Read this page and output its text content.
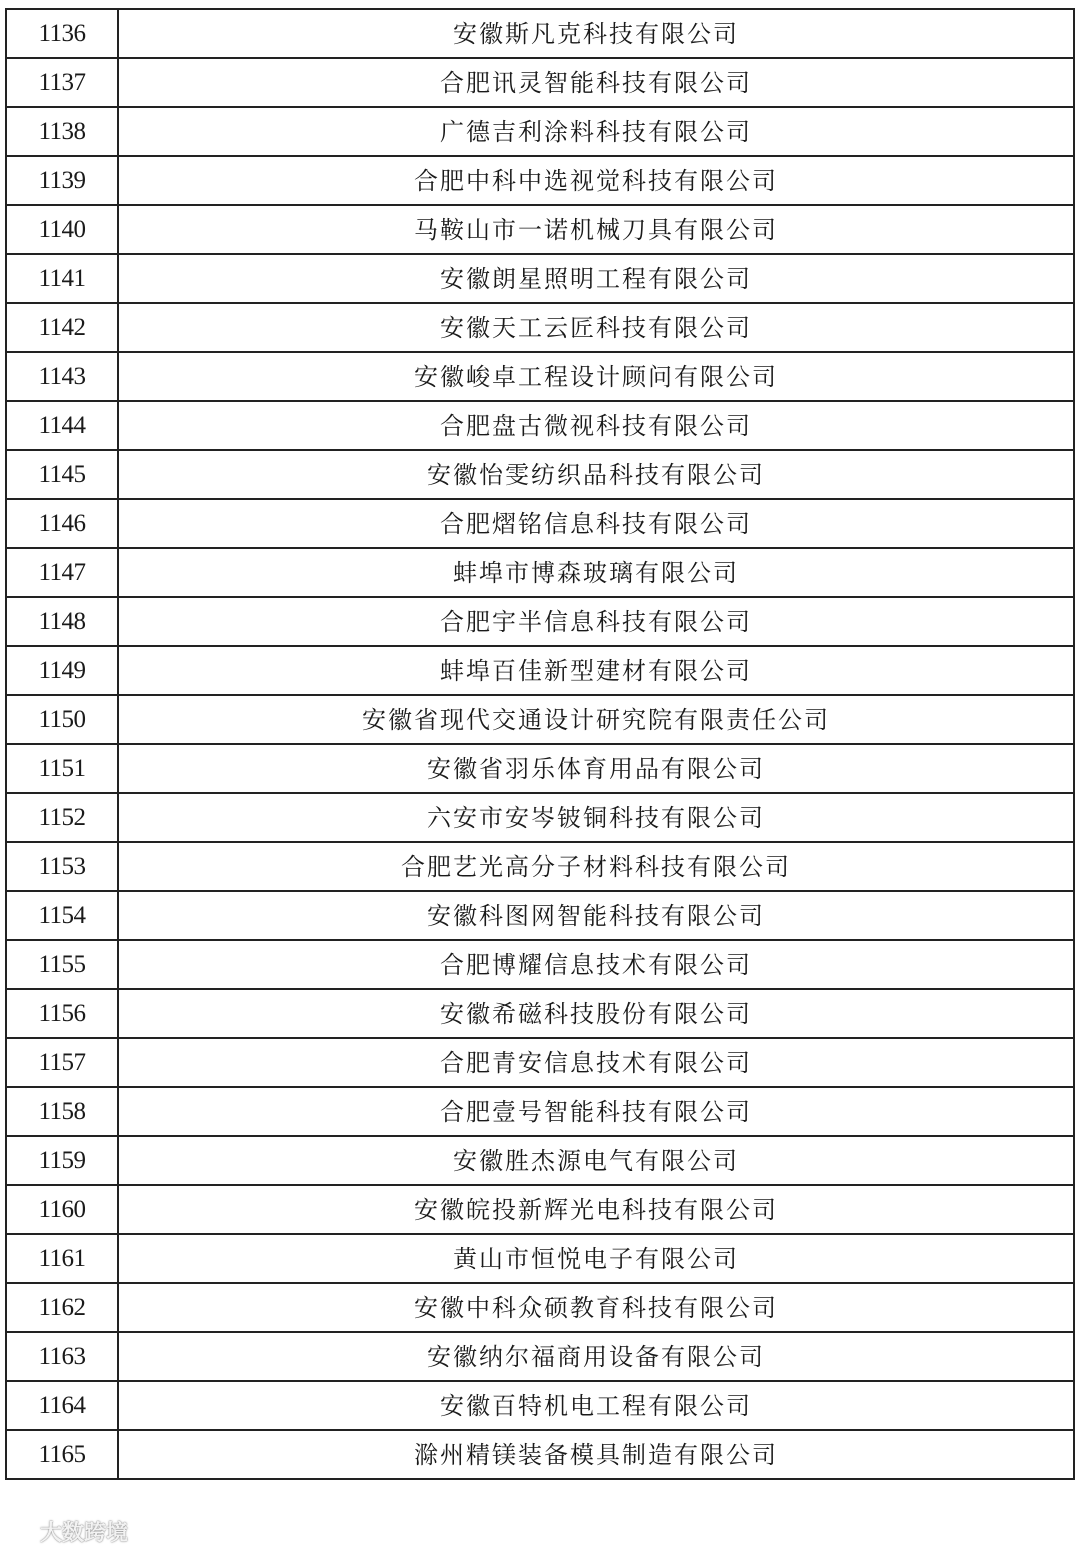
1136	安徽斯凡克科技有限公司
1137	合肥讯灵智能科技有限公司
1138	广德吉利涂料科技有限公司
1139	合肥中科中选视觉科技有限公司
1140	马鞍山市一诺机械刀具有限公司
1141	安徽朗星照明工程有限公司
1142	安徽天工云匠科技有限公司
1143	安徽峻卓工程设计顾问有限公司
1144	合肥盘古微视科技有限公司
1145	安徽怡雯纺织品科技有限公司
1146	合肥熠铭信息科技有限公司
1147	蚌埠市博森玻璃有限公司
1148	合肥宇半信息科技有限公司
1149	蚌埠百佳新型建材有限公司
1150	安徽省现代交通设计研究院有限责任公司
1151	安徽省羽乐体育用品有限公司
1152	六安市安岑铍铜科技有限公司
1153	合肥艺光高分子材料科技有限公司
1154	安徽科图网智能科技有限公司
1155	合肥博耀信息技术有限公司
1156	安徽希磁科技股份有限公司
1157	合肥青安信息技术有限公司
1158	合肥壹号智能科技有限公司
1159	安徽胜杰源电气有限公司
1160	安徽皖投新辉光电科技有限公司
1161	黄山市恒悦电子有限公司
1162	安徽中科众硕教育科技有限公司
1163	安徽纳尔福商用设备有限公司
1164	安徽百特机电工程有限公司
1165	滁州精镁装备模具制造有限公司
大数跨境
